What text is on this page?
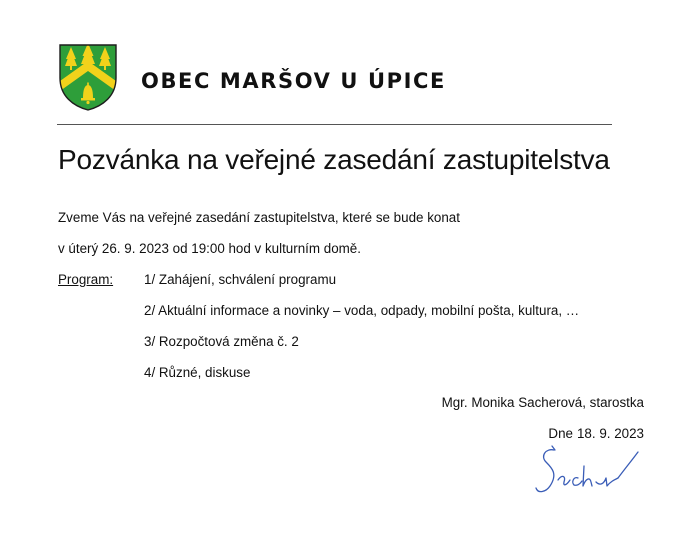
OBEC MARŠOV U ÚPICE
Pozvánka na veřejné zasedání zastupitelstva
Zveme Vás na veřejné zasedání zastupitelstva, které se bude konat
v úterý 26. 9. 2023 od 19:00 hod v kulturním domě.
Program: 1/ Zahájení, schválení programu
2/ Aktuální informace a novinky – voda, odpady, mobilní pošta, kultura, …
3/ Rozpočtová změna č. 2
4/ Různé, diskuse
Mgr. Monika Sacherová, starostka
Dne 18. 9. 2023
